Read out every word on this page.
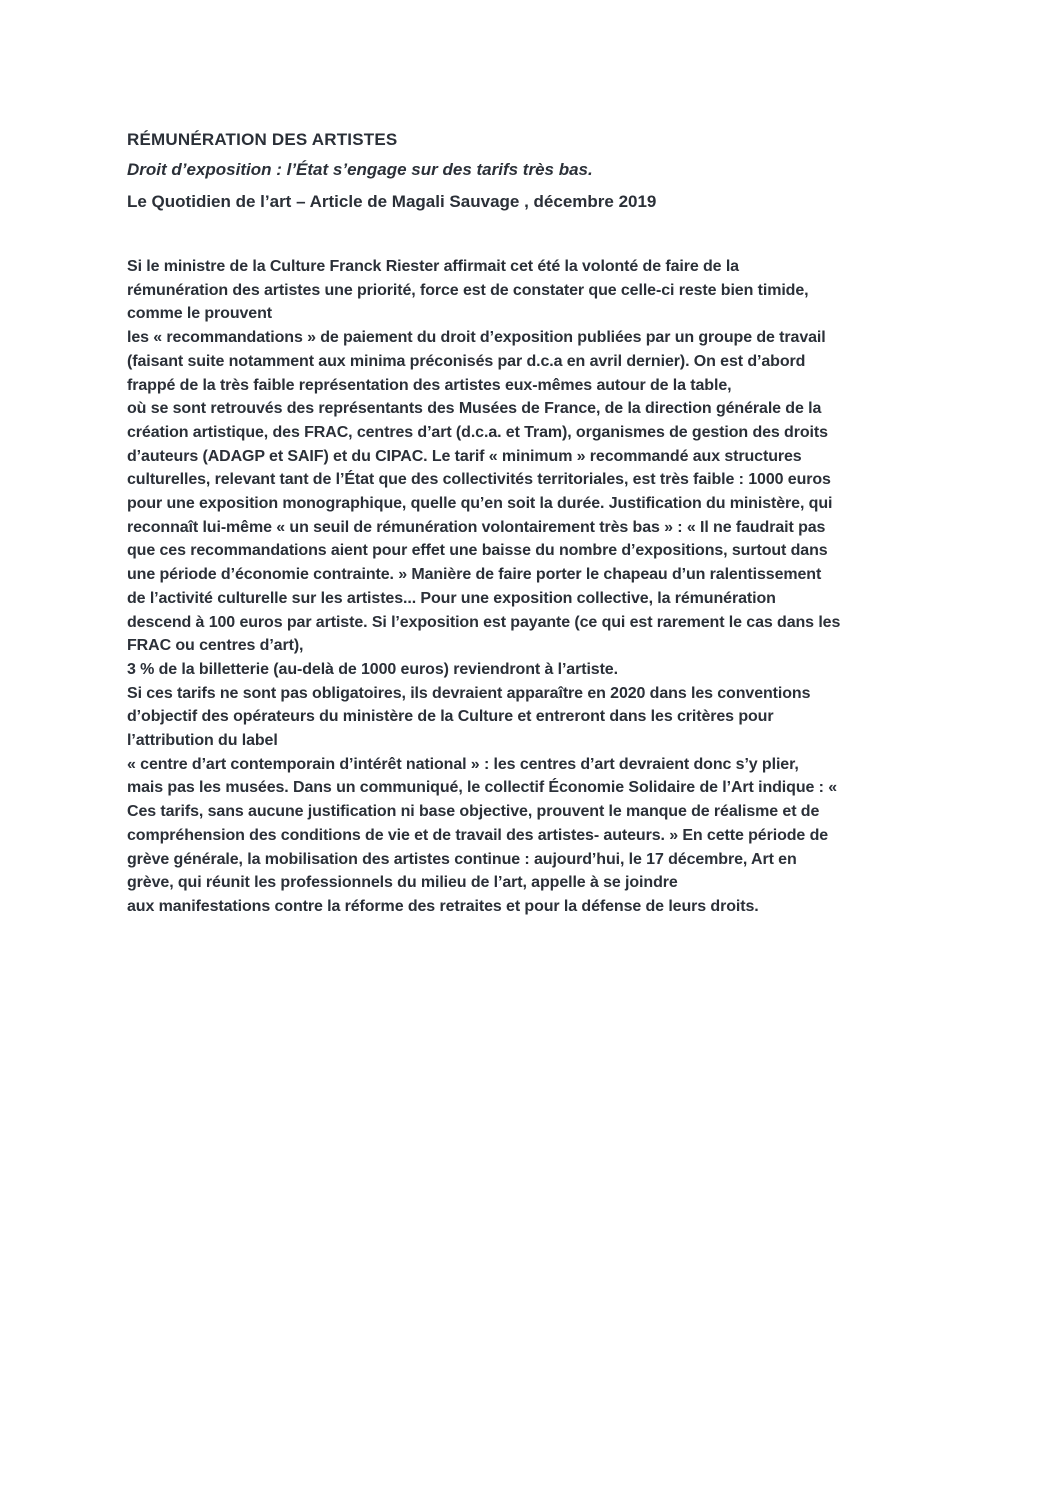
RÉMUNÉRATION DES ARTISTES
Droit d’exposition : l’État s’engage sur des tarifs très bas.
Le Quotidien de l’art – Article de Magali Sauvage , décembre 2019
Si le ministre de la Culture Franck Riester affirmait cet été la volonté de faire de la
rémunération des artistes une priorité, force est de constater que celle-ci reste bien timide,
comme le prouvent
les « recommandations » de paiement du droit d’exposition publiées par un groupe de travail
(faisant suite notamment aux minima préconisés par d.c.a en avril dernier). On est d’abord
frappé de la très faible représentation des artistes eux-mêmes autour de la table,
où se sont retrouvés des représentants des Musées de France, de la direction générale de la
création artistique, des FRAC, centres d’art (d.c.a. et Tram), organismes de gestion des droits
d’auteurs (ADAGP et SAIF) et du CIPAC. Le tarif « minimum » recommandé aux structures
culturelles, relevant tant de l’État que des collectivités territoriales, est très faible : 1000 euros
pour une exposition monographique, quelle qu’en soit la durée. Justification du ministère, qui
reconnaît lui-même « un seuil de rémunération volontairement très bas » : « Il ne faudrait pas
que ces recommandations aient pour effet une baisse du nombre d’expositions, surtout dans
une période d’économie contrainte. » Manière de faire porter le chapeau d’un ralentissement
de l’activité culturelle sur les artistes... Pour une exposition collective, la rémunération
descend à 100 euros par artiste. Si l’exposition est payante (ce qui est rarement le cas dans les
FRAC ou centres d’art),
3 % de la billetterie (au-delà de 1000 euros) reviendront à l’artiste.
Si ces tarifs ne sont pas obligatoires, ils devraient apparaître en 2020 dans les conventions
d’objectif des opérateurs du ministère de la Culture et entreront dans les critères pour
l’attribution du label
« centre d’art contemporain d’intérêt national » : les centres d’art devraient donc s’y plier,
mais pas les musées. Dans un communiqué, le collectif Économie Solidaire de l’Art indique : «
Ces tarifs, sans aucune justification ni base objective, prouvent le manque de réalisme et de
compréhension des conditions de vie et de travail des artistes- auteurs. » En cette période de
grève générale, la mobilisation des artistes continue : aujourd’hui, le 17 décembre, Art en
grève, qui réunit les professionnels du milieu de l’art, appelle à se joindre
aux manifestations contre la réforme des retraites et pour la défense de leurs droits.
